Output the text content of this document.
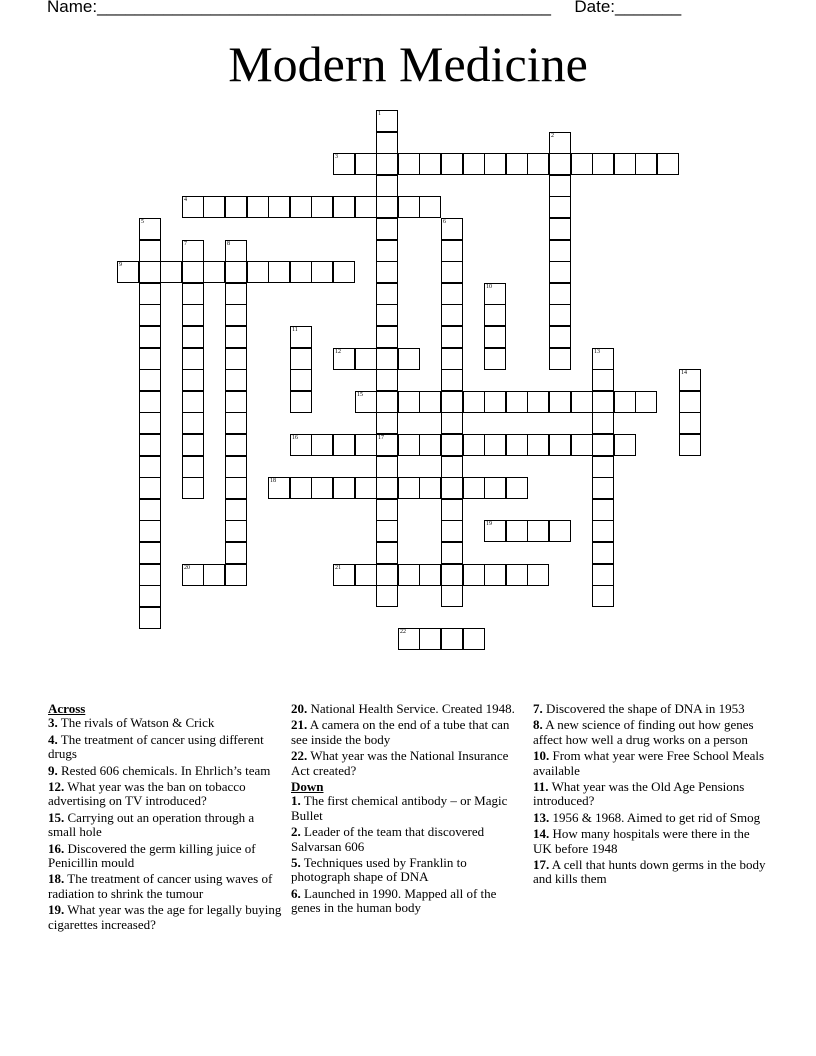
Name:________________________________________________ Date:_______
Modern Medicine
3
4
9
12
15
16	17
18
19
20	21
22
1
2
5	6
7	8
10
11
13
14
Across
3. The rivals of Watson & Crick
4. The treatment of cancer using different drugs
9. Rested 606 chemicals. In Ehrlich’s team
12. What year was the ban on tobacco advertising on TV introduced?
15. Carrying out an operation through a small hole
16. Discovered the germ killing juice of Penicillin mould
18. The treatment of cancer using waves of radiation to shrink the tumour
19. What year was the age for legally buying cigarettes increased?
20. National Health Service. Created 1948.
21. A camera on the end of a tube that can see inside the body
22. What year was the National Insurance Act created?
Down
1. The first chemical antibody – or Magic Bullet
2. Leader of the team that discovered Salvarsan 606
5. Techniques used by Franklin to photograph shape of DNA
6. Launched in 1990. Mapped all of the genes in the human body
7. Discovered the shape of DNA in 1953
8. A new science of finding out how genes affect how well a drug works on a person
10. From what year were Free School Meals available
11. What year was the Old Age Pensions introduced?
13. 1956 & 1968. Aimed to get rid of Smog
14. How many hospitals were there in the UK before 1948
17. A cell that hunts down germs in the body and kills them
